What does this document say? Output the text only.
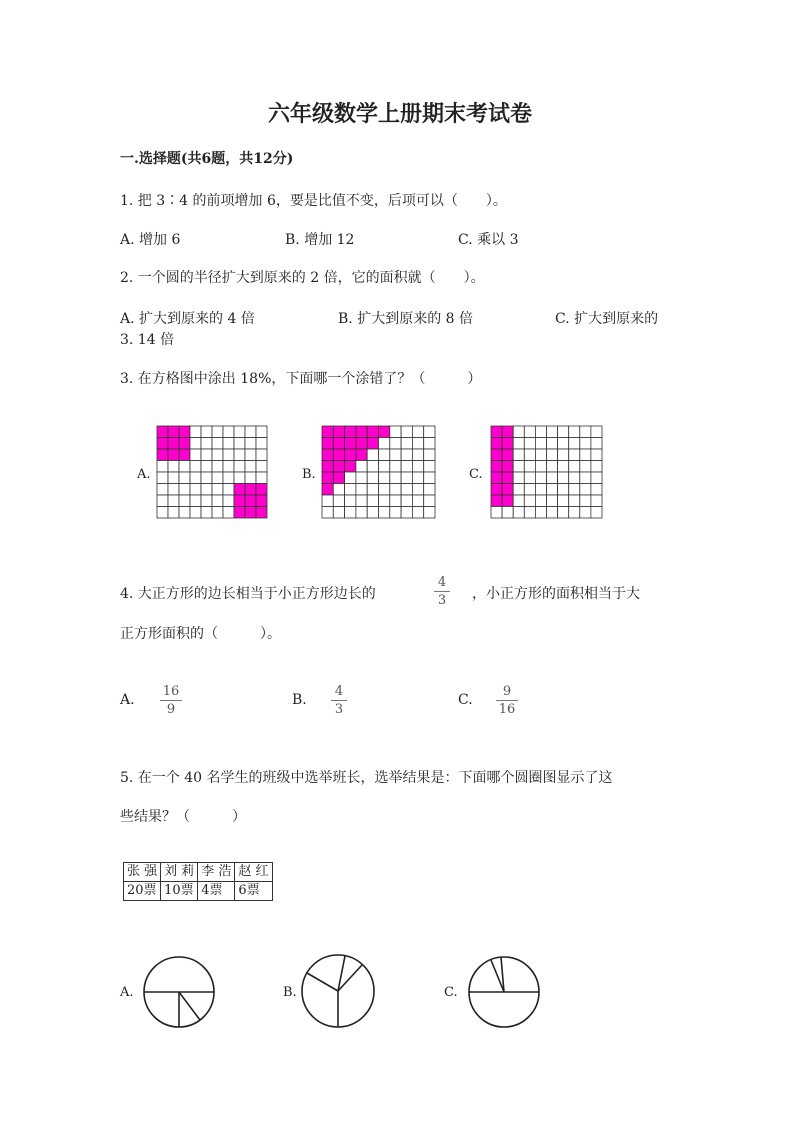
六年级数学上册期末考试卷
一.选择题(共6题，共12分)
1. 把 3∶4 的前项增加 6，要是比值不变，后项可以（　　）。
A. 增加 6	B. 增加 12	C. 乘以 3
2. 一个圆的半径扩大到原来的 2 倍，它的面积就（　　）。
A. 扩大到原来的 4 倍	B. 扩大到原来的 8 倍	C. 扩大到原来的
3. 14 倍
3. 在方格图中涂出 18%，下面哪一个涂错了？（　　　）
A.	B.	C.
4. 大正方形的边长相当于小正方形边长的
4
3 ，小正方形的面积相当于大
正方形面积的（　　　）。
A.
16
9
B.
4
3
C.
9
16
5. 在一个 40 名学生的班级中选举班长，选举结果是：下面哪个圆圈图显示了这
些结果？（　　　）
张 强	刘 莉	李 浩	赵 红
20票	10票	4票	6票
A.	B.	C.
